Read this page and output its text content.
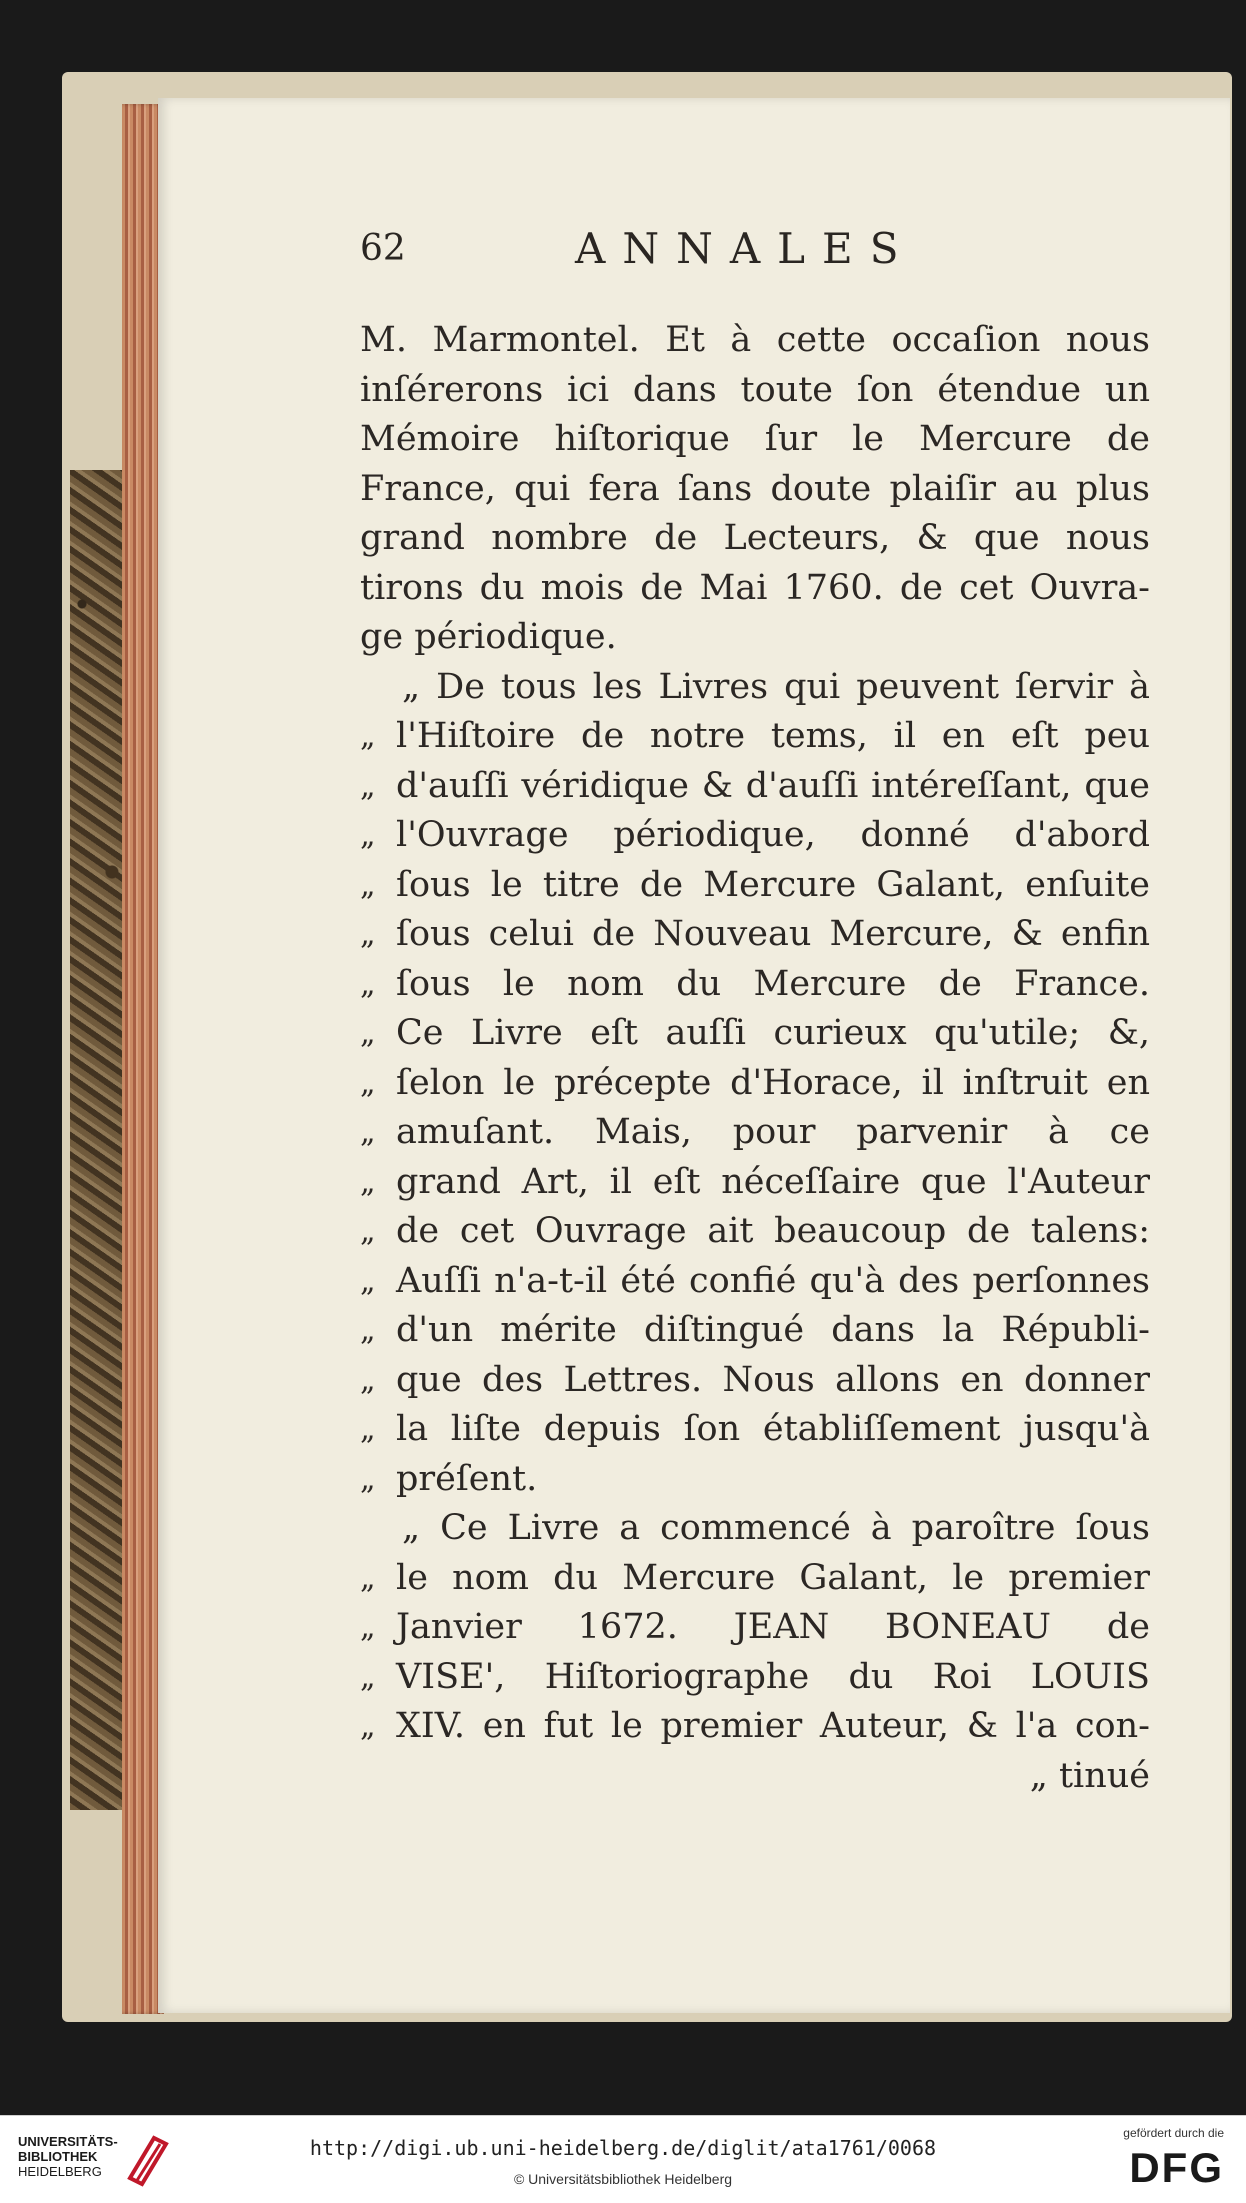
62	ANNALES
M. Marmontel. Et à cette occaſion nous
inſérerons ici dans toute ſon étendue un
Mémoire hiſtorique ſur le Mercure de
France, qui fera ſans doute plaiſir au plus
grand nombre de Lecteurs, & que nous
tirons du mois de Mai 1760. de cet Ouvra-
ge périodique.
„ De tous les Livres qui peuvent ſervir à
„ l'Hiſtoire de notre tems, il en eſt peu
„ d'auſſi véridique & d'auſſi intéreſſant, que
„ l'Ouvrage périodique, donné d'abord
„ ſous le titre de Mercure Galant, enſuite
„ ſous celui de Nouveau Mercure, & enfin
„ ſous le nom du Mercure de France.
„ Ce Livre eſt auſſi curieux qu'utile; &,
„ ſelon le précepte d'Horace, il inſtruit en
„ amuſant. Mais, pour parvenir à ce
„ grand Art, il eſt néceſſaire que l'Auteur
„ de cet Ouvrage ait beaucoup de talens:
„ Auſſi n'a-t-il été confié qu'à des perſonnes
„ d'un mérite diſtingué dans la Républi-
„ que des Lettres. Nous allons en donner
„ la liſte depuis ſon établiſſement jusqu'à
„ préſent.
„ Ce Livre a commencé à paroître ſous
„ le nom du Mercure Galant, le premier
„ Janvier 1672. JEAN BONEAU de
„ VISE', Hiſtoriographe du Roi LOUIS
„ XIV. en fut le premier Auteur, & l'a con-
„ tinué
UNIVERSITÄTS-
BIBLIOTHEK
HEIDELBERG
http://digi.ub.uni-heidelberg.de/diglit/ata1761/0068
© Universitätsbibliothek Heidelberg
gefördert durch die
DFG
